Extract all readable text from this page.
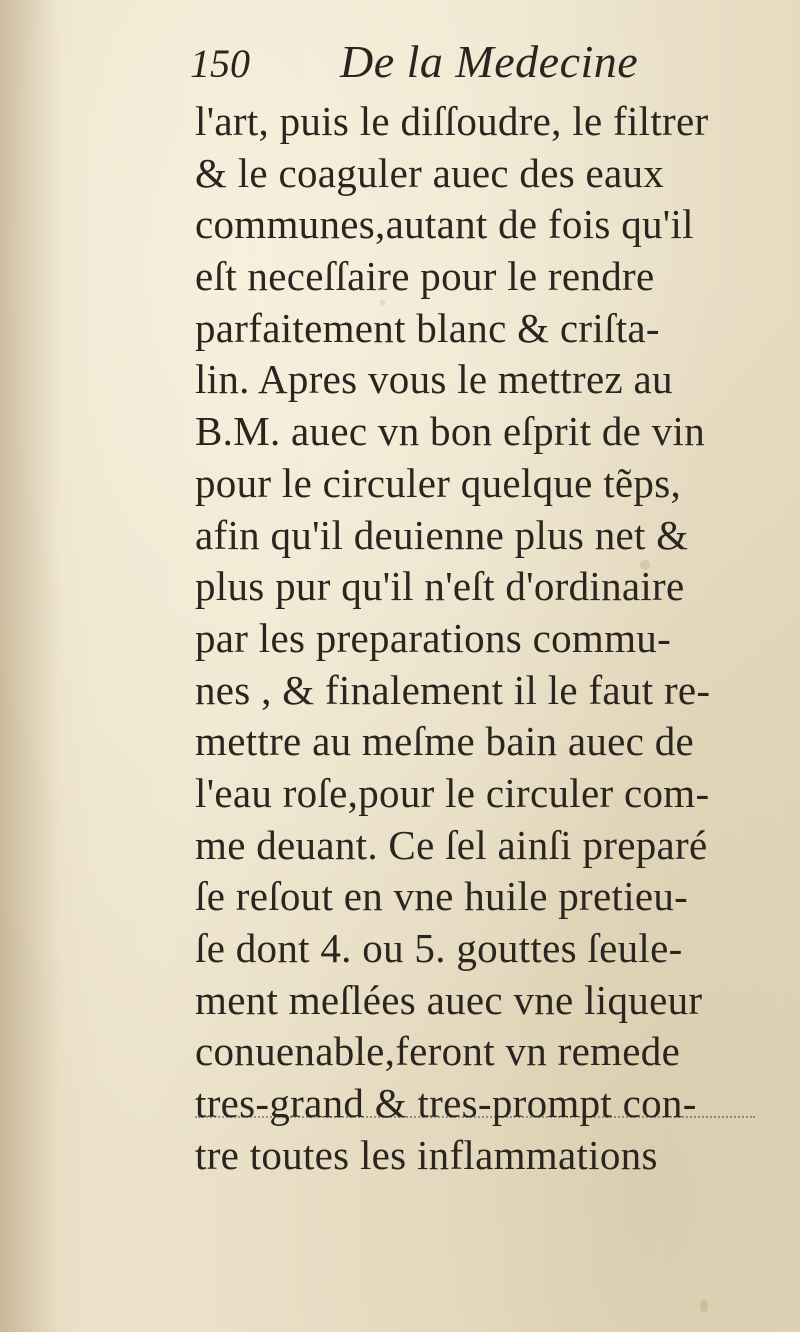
150 De la Medecine
l'art, puis le diſſoudre, le filtrer
& le coaguler auec des eaux
communes,autant de fois qu'il
eſt neceſſaire pour le rendre
parfaitement blanc & criſta-
lin. Apres vous le mettrez au
B.M. auec vn bon eſprit de vin
pour le circuler quelque tẽps,
afin qu'il deuienne plus net &
plus pur qu'il n'eſt d'ordinaire
par les preparations commu-
nes , & finalement il le faut re-
mettre au meſme bain auec de
l'eau roſe,pour le circuler com-
me deuant. Ce ſel ainſi preparé
ſe reſout en vne huile pretieu-
ſe dont 4. ou 5. gouttes ſeule-
ment meſlées auec vne liqueur
conuenable,feront vn remede
tres-grand & tres-prompt con-
tre toutes les inflammations
